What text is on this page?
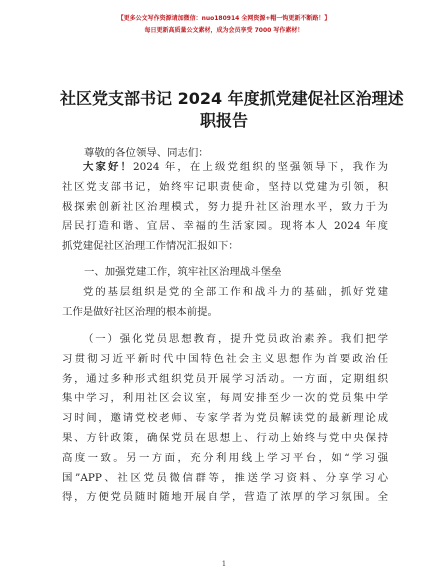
【更多公文写作资源请加微信：nuo180914 全网资源+帽一钩更新不断路！】
每日更新高质量公文素材，成为会员享受 7000 写作素材！
社区党支部书记 2024 年度抓党建促社区治理述
职报告
尊敬的各位领导、同志们：
大家好！2024 年，在上级党组织的坚强领导下，我作为
社区党支部书记，始终牢记职责使命，坚持以党建为引领，积
极探索创新社区治理模式，努力提升社区治理水平，致力于为
居民打造和谐、宜居、幸福的生活家园。现将本人 2024 年度
抓党建促社区治理工作情况汇报如下：
一、加强党建工作，筑牢社区治理战斗堡垒
党的基层组织是党的全部工作和战斗力的基础，抓好党建
工作是做好社区治理的根本前提。
（一）强化党员思想教育，提升党员政治素养。我们把学
习贯彻习近平新时代中国特色社会主义思想作为首要政治任
务，通过多种形式组织党员开展学习活动。一方面，定期组织
集中学习，利用社区会议室，每周安排至少一次的党员集中学
习时间，邀请党校老师、专家学者为党员解读党的最新理论成
果、方针政策，确保党员在思想上、行动上始终与党中央保持
高度一致。另一方面，充分利用线上学习平台，如“学习强
国”APP、社区党员微信群等，推送学习资料、分享学习心
得，方便党员随时随地开展自学，营造了浓厚的学习氛围。全
1
